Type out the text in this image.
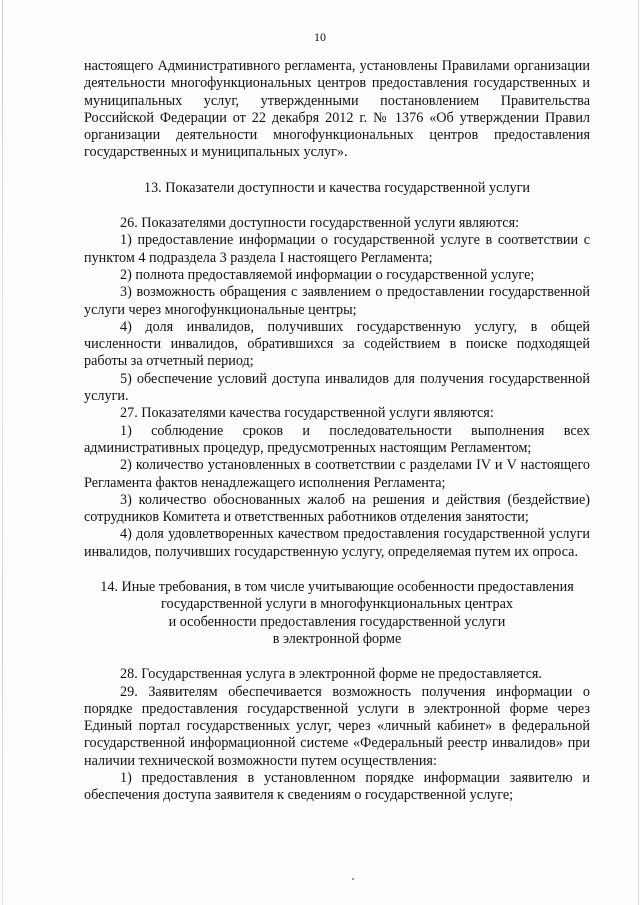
10

настоящего Административного регламента, установлены Правилами организации деятельности многофункциональных центров предоставления государственных и муниципальных услуг, утвержденными постановлением Правительства Российской Федерации от 22 декабря 2012 г. № 1376 «Об утверждении Правил организации деятельности многофункциональных центров предоставления государственных и муниципальных услуг».

13. Показатели доступности и качества государственной услуги

26. Показателями доступности государственной услуги являются:

1) предоставление информации о государственной услуге в соответствии с пунктом 4 подраздела 3 раздела I настоящего Регламента;

2) полнота предоставляемой информации о государственной услуге;

3) возможность обращения с заявлением о предоставлении государственной услуги через многофункциональные центры;

4) доля инвалидов, получивших государственную услугу, в общей численности инвалидов, обратившихся за содействием в поиске подходящей работы за отчетный период;

5) обеспечение условий доступа инвалидов для получения государственной услуги.

27. Показателями качества государственной услуги являются:

1) соблюдение сроков и последовательности выполнения всех административных процедур, предусмотренных настоящим Регламентом;

2) количество установленных в соответствии с разделами IV и V настоящего Регламента фактов ненадлежащего исполнения Регламента;

3) количество обоснованных жалоб на решения и действия (бездействие) сотрудников Комитета и ответственных работников отделения занятости;

4) доля удовлетворенных качеством предоставления государственной услуги инвалидов, получивших государственную услугу, определяемая путем их опроса.

14. Иные требования, в том числе учитывающие особенности предоставления

государственной услуги в многофункциональных центрах

и особенности предоставления государственной услуги

в электронной форме

28. Государственная услуга в электронной форме не предоставляется.

29. Заявителям обеспечивается возможность получения информации о порядке предоставления государственной услуги в электронной форме через Единый портал государственных услуг, через «личный кабинет» в федеральной государственной информационной системе «Федеральный реестр инвалидов» при наличии технической возможности путем осуществления:

1) предоставления в установленном порядке информации заявителю и обеспечения доступа заявителя к сведениям о государственной услуге;
